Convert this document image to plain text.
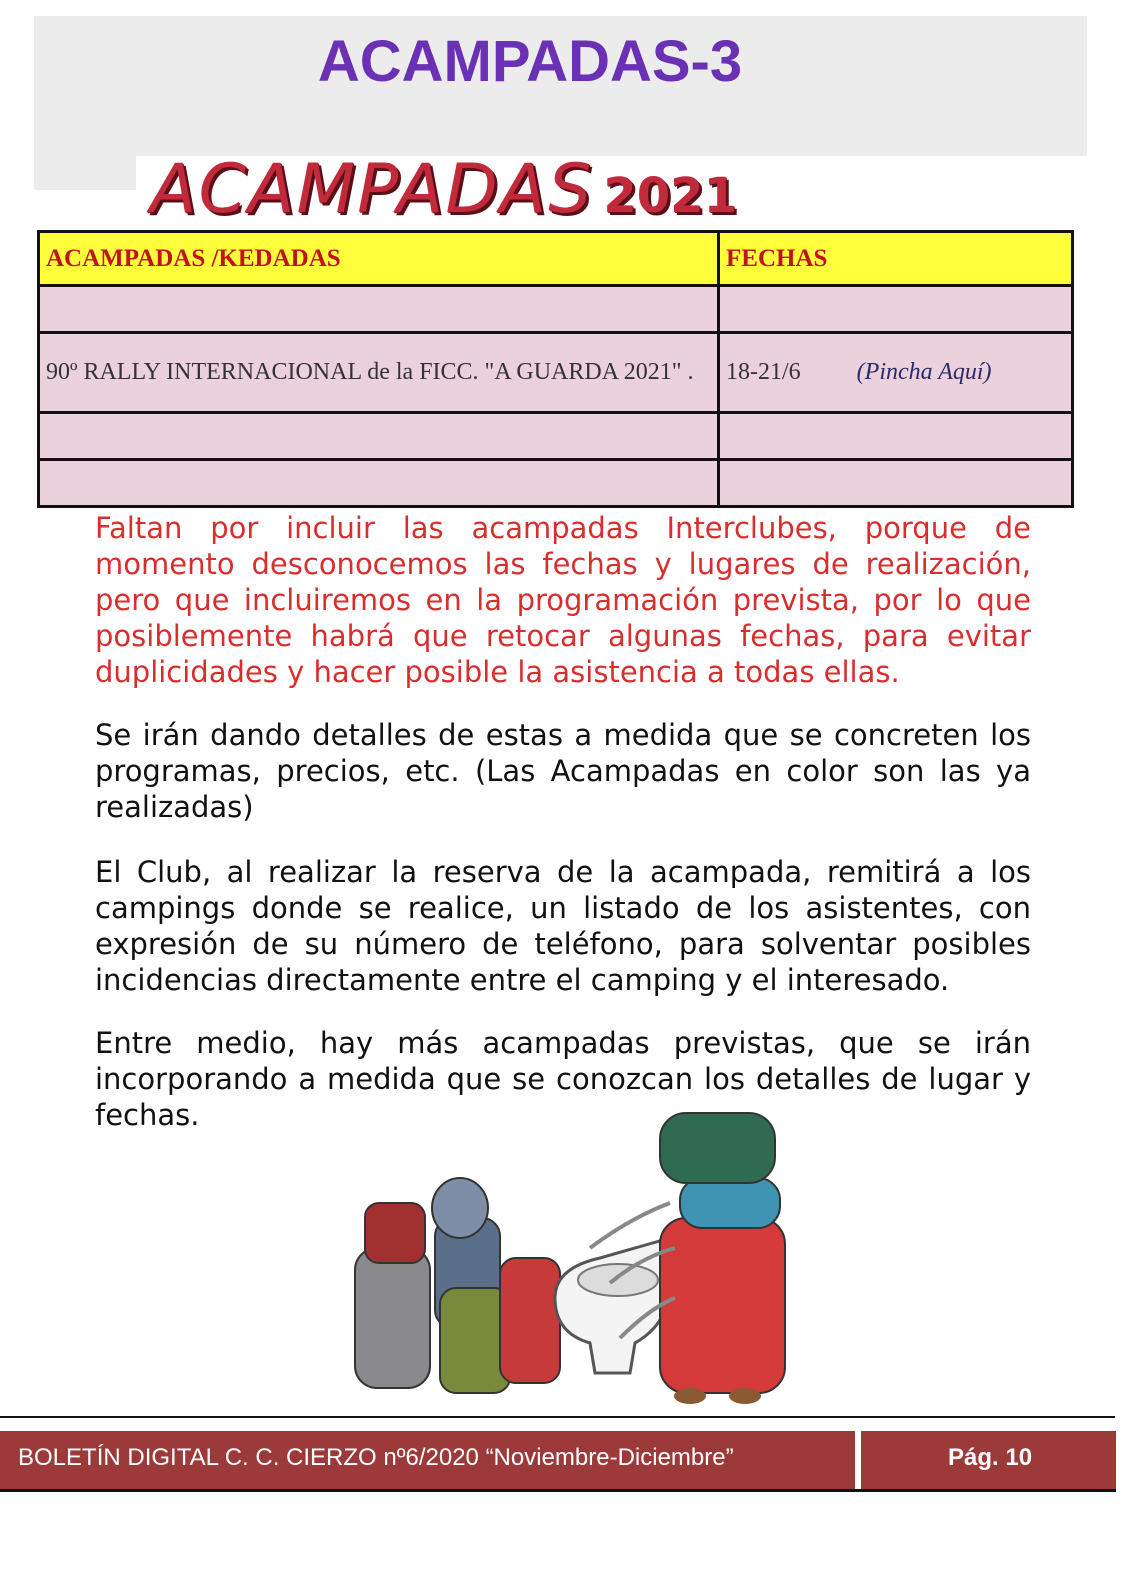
ACAMPADAS-3
ACAMPADAS 2021
ACAMPADAS /KEDADAS	FECHAS

90º RALLY INTERNACIONAL de la FICC. "A GUARDA 2021" .	18-21/6 (Pincha Aquí)

Faltan por incluir las acampadas Interclubes, porque de momento desconocemos las fechas y lugares de realización, pero que incluiremos en la programación prevista, por lo que posiblemente habrá que retocar algunas fechas, para evitar duplicidades y hacer posible la asistencia a todas ellas.
Se irán dando detalles de estas a medida que se concreten los programas, precios, etc. (Las Acampadas en color son las ya realizadas)
El Club, al realizar la reserva de la acampada, remitirá a los campings donde se realice, un listado de los asistentes, con expresión de su número de teléfono, para solventar posibles incidencias directamente entre el camping y el interesado.
Entre medio, hay más acampadas previstas, que se irán incorporando a medida que se conozcan los detalles de lugar y fechas.
BOLETÍN DIGITAL C. C. CIERZO nº6/2020 “Noviembre-Diciembre”	Pág. 10
